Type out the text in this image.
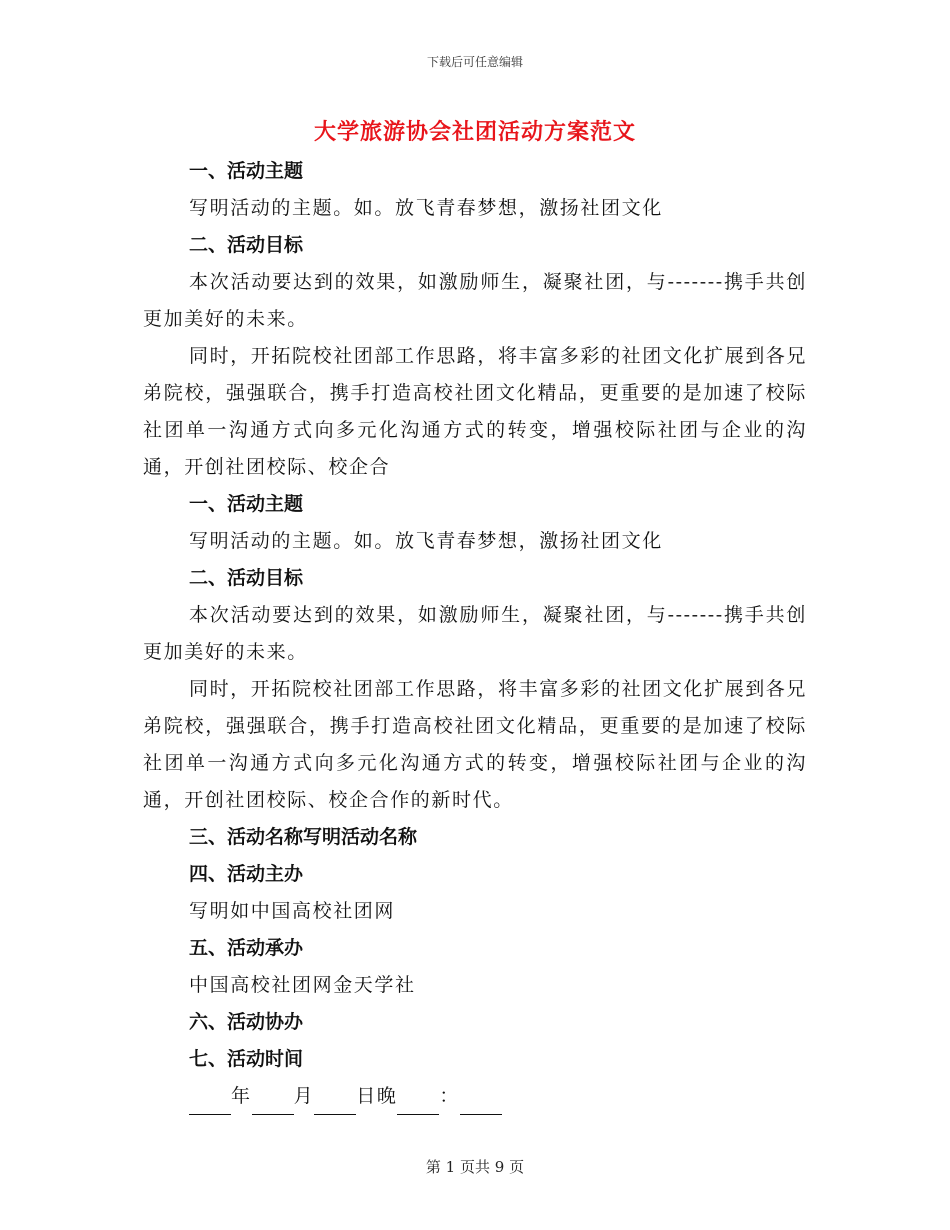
下载后可任意编辑
大学旅游协会社团活动方案范文
一、活动主题
写明活动的主题。如。放飞青春梦想，激扬社团文化
二、活动目标
本次活动要达到的效果，如激励师生，凝聚社团，与-------携手共创更加美好的未来。
同时，开拓院校社团部工作思路，将丰富多彩的社团文化扩展到各兄弟院校，强强联合，携手打造高校社团文化精品，更重要的是加速了校际社团单一沟通方式向多元化沟通方式的转变，增强校际社团与企业的沟通，开创社团校际、校企合
一、活动主题
写明活动的主题。如。放飞青春梦想，激扬社团文化
二、活动目标
本次活动要达到的效果，如激励师生，凝聚社团，与-------携手共创更加美好的未来。
同时，开拓院校社团部工作思路，将丰富多彩的社团文化扩展到各兄弟院校，强强联合，携手打造高校社团文化精品，更重要的是加速了校际社团单一沟通方式向多元化沟通方式的转变，增强校际社团与企业的沟通，开创社团校际、校企合作的新时代。
三、活动名称写明活动名称
四、活动主办
写明如中国高校社团网
五、活动承办
中国高校社团网金天学社
六、活动协办
七、活动时间
年 月 日晚 ：
第 1 页共 9 页
